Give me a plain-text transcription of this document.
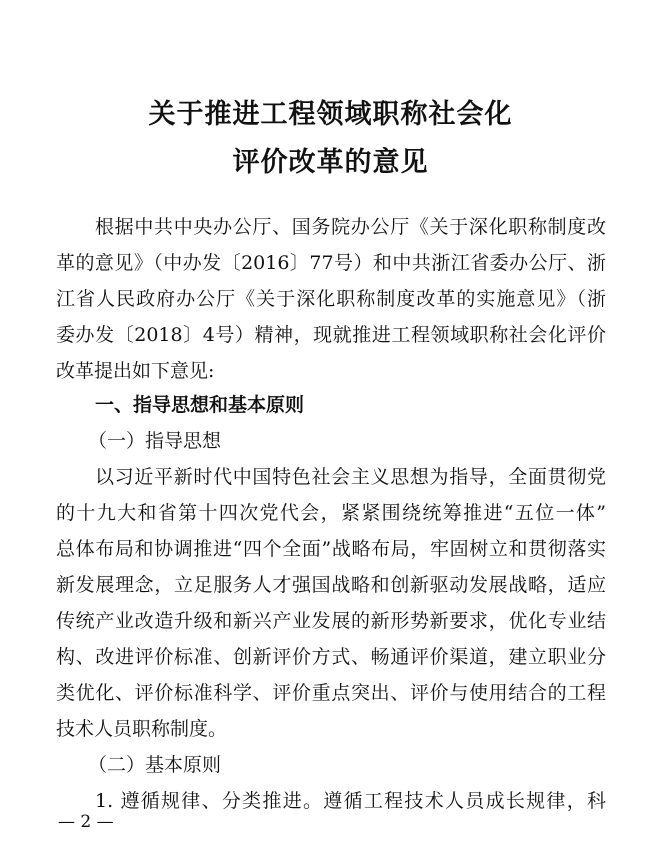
关于推进工程领域职称社会化
评价改革的意见
根据中共中央办公厅、国务院办公厅《关于深化职称制度改
革的意见》（中办发〔2016〕77号）和中共浙江省委办公厅、浙
江省人民政府办公厅《关于深化职称制度改革的实施意见》（浙
委办发〔2018〕4号）精神，现就推进工程领域职称社会化评价
改革提出如下意见:
一、指导思想和基本原则
（一）指导思想
以习近平新时代中国特色社会主义思想为指导，全面贯彻党
的十九大和省第十四次党代会，紧紧围绕统筹推进“五位一体”
总体布局和协调推进“四个全面”战略布局，牢固树立和贯彻落实
新发展理念，立足服务人才强国战略和创新驱动发展战略，适应
传统产业改造升级和新兴产业发展的新形势新要求，优化专业结
构、改进评价标准、创新评价方式、畅通评价渠道，建立职业分
类优化、评价标准科学、评价重点突出、评价与使用结合的工程
技术人员职称制度。
（二）基本原则
1. 遵循规律、分类推进。遵循工程技术人员成长规律，科
— 2 —
